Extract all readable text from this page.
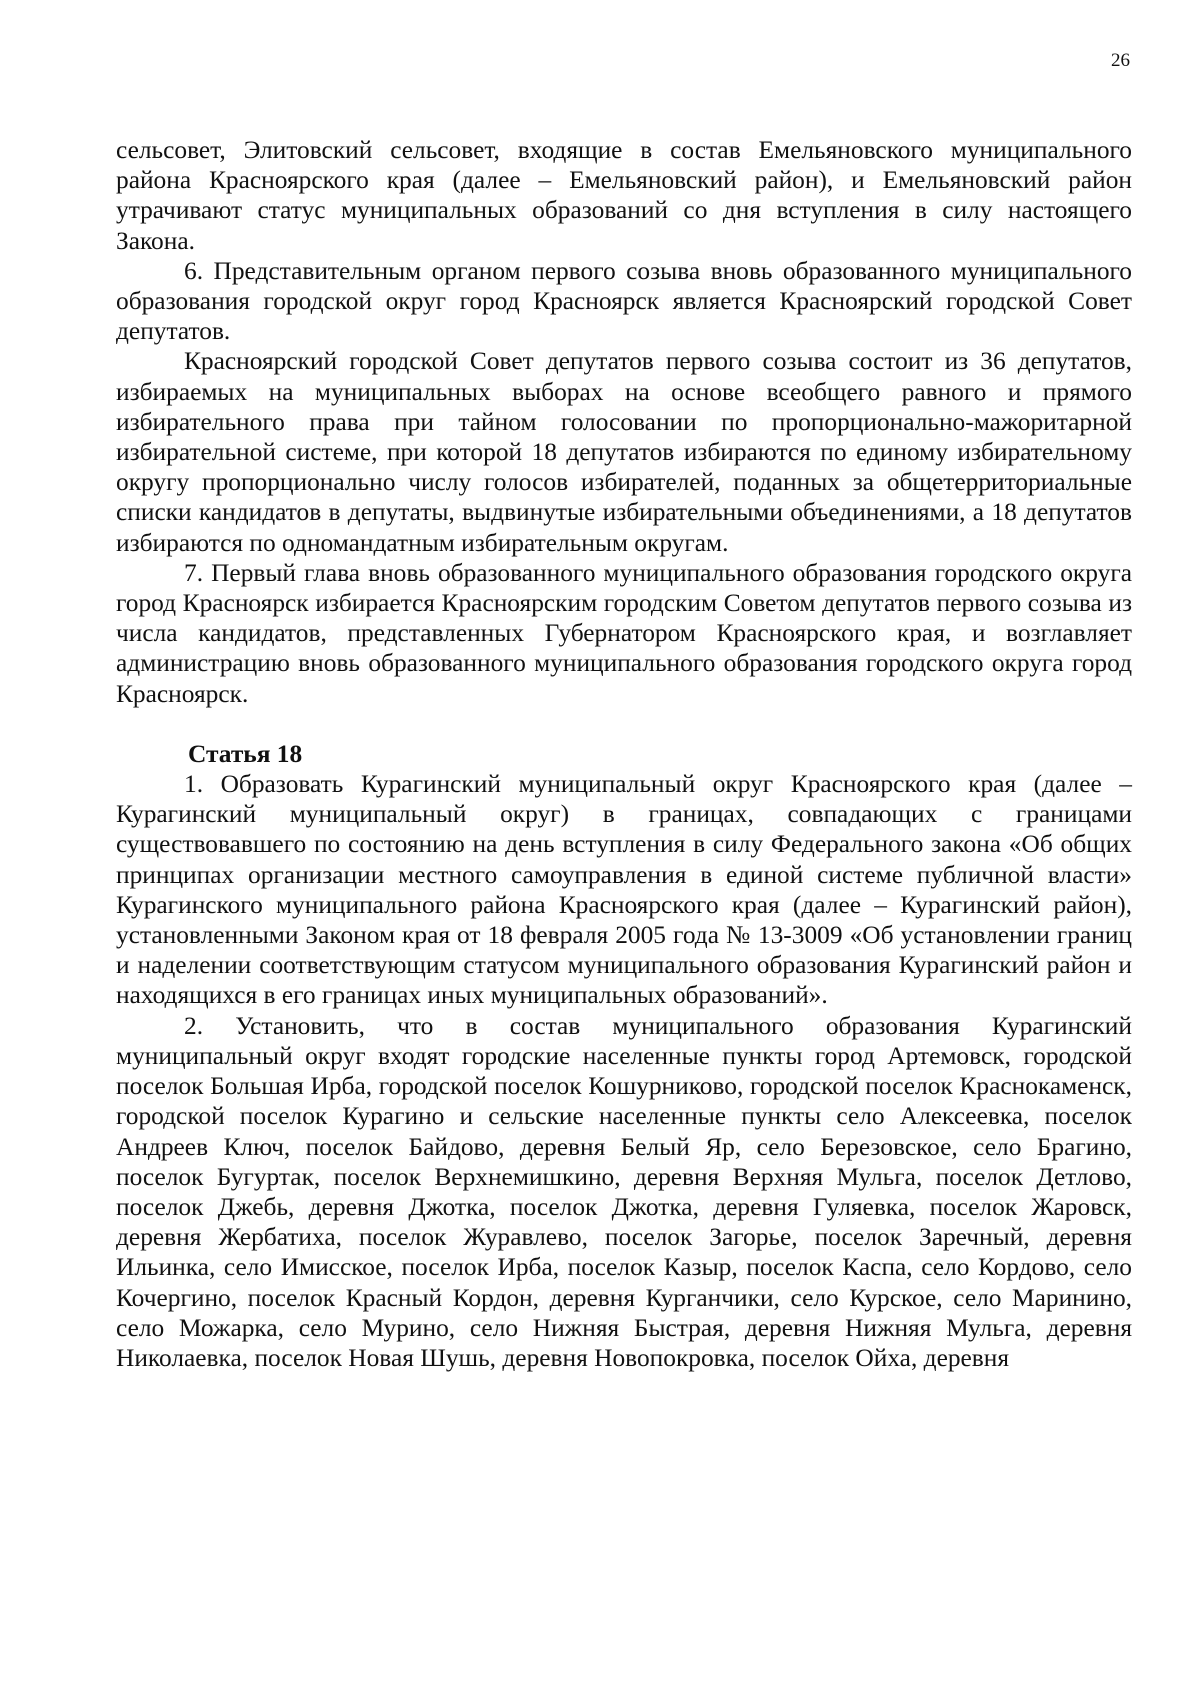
26

сельсовет, Элитовский сельсовет, входящие в состав Емельяновского муниципального района Красноярского края (далее – Емельяновский район), и Емельяновский район утрачивают статус муниципальных образований со дня вступления в силу настоящего Закона.

6. Представительным органом первого созыва вновь образованного муниципального образования городской округ город Красноярск является Красноярский городской Совет депутатов.

Красноярский городской Совет депутатов первого созыва состоит из 36 депутатов, избираемых на муниципальных выборах на основе всеобщего равного и прямого избирательного права при тайном голосовании по пропорционально-мажоритарной избирательной системе, при которой 18 депутатов избираются по единому избирательному округу пропорционально числу голосов избирателей, поданных за общетерриториальные списки кандидатов в депутаты, выдвинутые избирательными объединениями, а 18 депутатов избираются по одномандатным избирательным округам.

7. Первый глава вновь образованного муниципального образования городского округа город Красноярск избирается Красноярским городским Советом депутатов первого созыва из числа кандидатов, представленных Губернатором Красноярского края, и возглавляет администрацию вновь образованного муниципального образования городского округа город Красноярск.

Статья 18

1. Образовать Курагинский муниципальный округ Красноярского края (далее – Курагинский муниципальный округ) в границах, совпадающих с границами существовавшего по состоянию на день вступления в силу Федерального закона «Об общих принципах организации местного самоуправления в единой системе публичной власти» Курагинского муниципального района Красноярского края (далее – Курагинский район), установленными Законом края от 18 февраля 2005 года № 13-3009 «Об установлении границ и наделении соответствующим статусом муниципального образования Курагинский район и находящихся в его границах иных муниципальных образований».

2. Установить, что в состав муниципального образования Курагинский муниципальный округ входят городские населенные пункты город Артемовск, городской поселок Большая Ирба, городской поселок Кошурниково, городской поселок Краснокаменск, городской поселок Курагино и сельские населенные пункты село Алексеевка, поселок Андреев Ключ, поселок Байдово, деревня Белый Яр, село Березовское, село Брагино, поселок Бугуртак, поселок Верхнемишкино, деревня Верхняя Мульга, поселок Детлово, поселок Джебь, деревня Джотка, поселок Джотка, деревня Гуляевка, поселок Жаровск, деревня Жербатиха, поселок Журавлево, поселок Загорье, поселок Заречный, деревня Ильинка, село Имисское, поселок Ирба, поселок Казыр, поселок Каспа, село Кордово, село Кочергино, поселок Красный Кордон, деревня Курганчики, село Курское, село Маринино, село Можарка, село Мурино, село Нижняя Быстрая, деревня Нижняя Мульга, деревня Николаевка, поселок Новая Шушь, деревня Новопокровка, поселок Ойха, деревня
